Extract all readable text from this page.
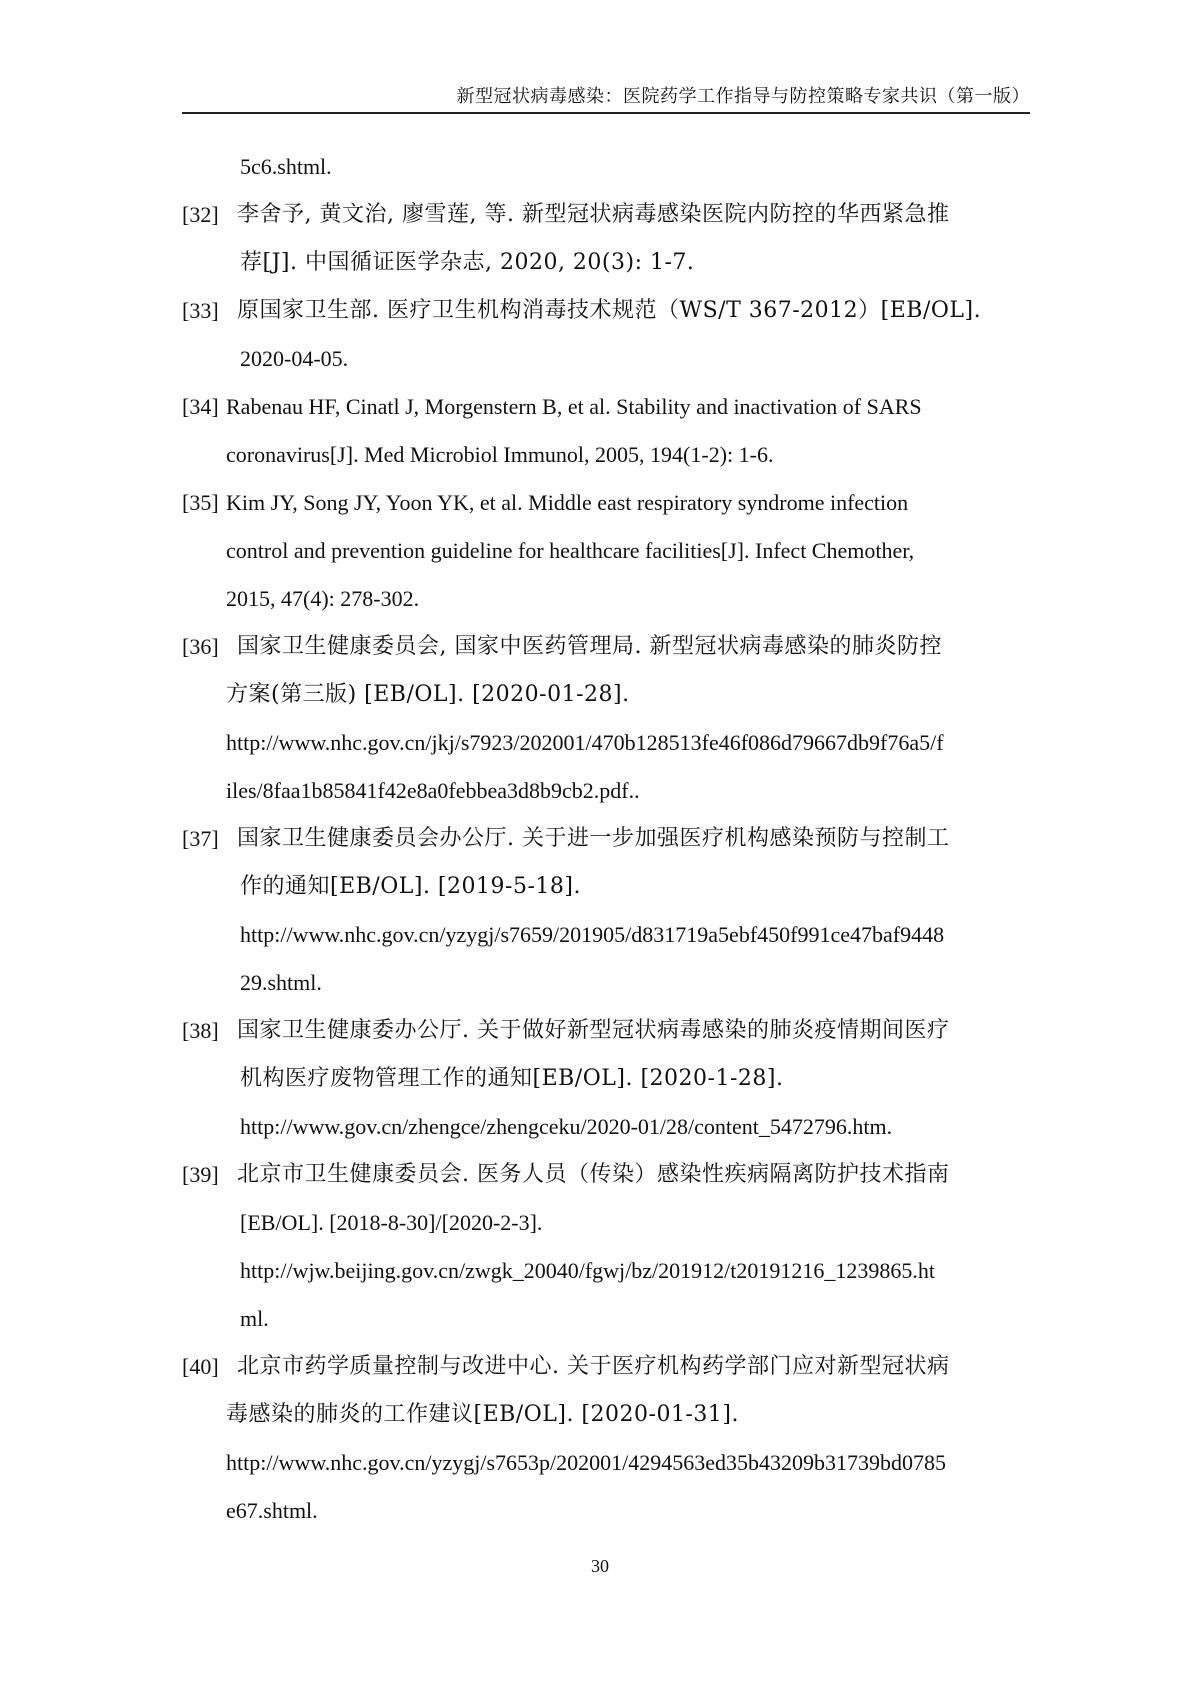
新型冠状病毒感染：医院药学工作指导与防控策略专家共识（第一版）
5c6.shtml.
[32] 李舍予, 黄文治, 廖雪莲, 等. 新型冠状病毒感染医院内防控的华西紧急推
荐[J]. 中国循证医学杂志, 2020, 20(3): 1-7.
[33] 原国家卫生部. 医疗卫生机构消毒技术规范（WS/T 367-2012）[EB/OL].
2020-04-05.
[34] Rabenau HF, Cinatl J, Morgenstern B, et al. Stability and inactivation of SARS
coronavirus[J]. Med Microbiol Immunol, 2005, 194(1-2): 1-6.
[35] Kim JY, Song JY, Yoon YK, et al. Middle east respiratory syndrome infection
control and prevention guideline for healthcare facilities[J]. Infect Chemother,
2015, 47(4): 278-302.
[36] 国家卫生健康委员会, 国家中医药管理局. 新型冠状病毒感染的肺炎防控
方案(第三版) [EB/OL]. [2020-01-28].
http://www.nhc.gov.cn/jkj/s7923/202001/470b128513fe46f086d79667db9f76a5/f
iles/8faa1b85841f42e8a0febbea3d8b9cb2.pdf..
[37] 国家卫生健康委员会办公厅. 关于进一步加强医疗机构感染预防与控制工
作的通知[EB/OL]. [2019-5-18].
http://www.nhc.gov.cn/yzygj/s7659/201905/d831719a5ebf450f991ce47baf9448
29.shtml.
[38] 国家卫生健康委办公厅. 关于做好新型冠状病毒感染的肺炎疫情期间医疗
机构医疗废物管理工作的通知[EB/OL]. [2020-1-28].
http://www.gov.cn/zhengce/zhengceku/2020-01/28/content_5472796.htm.
[39] 北京市卫生健康委员会. 医务人员（传染）感染性疾病隔离防护技术指南
[EB/OL]. [2018-8-30]/[2020-2-3].
http://wjw.beijing.gov.cn/zwgk_20040/fgwj/bz/201912/t20191216_1239865.ht
ml.
[40] 北京市药学质量控制与改进中心. 关于医疗机构药学部门应对新型冠状病
毒感染的肺炎的工作建议[EB/OL]. [2020-01-31].
http://www.nhc.gov.cn/yzygj/s7653p/202001/4294563ed35b43209b31739bd0785
e67.shtml.
30
